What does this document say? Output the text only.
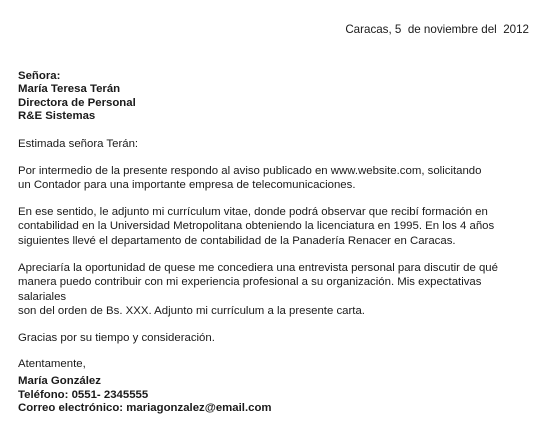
Caracas, 5  de noviembre del  2012
Señora:
María Teresa Terán
Directora de Personal
R&E Sistemas

Estimada señora Terán:

Por intermedio de la presente respondo al aviso publicado en www.website.com, solicitando
un Contador para una importante empresa de telecomunicaciones.

En ese sentido, le adjunto mi currículum vitae, donde podrá observar que recibí formación en
contabilidad en la Universidad Metropolitana obteniendo la licenciatura en 1995. En los 4 años
siguientes llevé el departamento de contabilidad de la Panadería Renacer en Caracas.

Apreciaría la oportunidad de quese me concediera una entrevista personal para discutir de qué
manera puedo contribuir con mi experiencia profesional a su organización. Mis expectativas salariales
son del orden de Bs. XXX. Adjunto mi currículum a la presente carta.

Gracias por su tiempo y consideración.

Atentamente,

María González
Teléfono: 0551- 2345555
Correo electrónico: mariagonzalez@email.com
